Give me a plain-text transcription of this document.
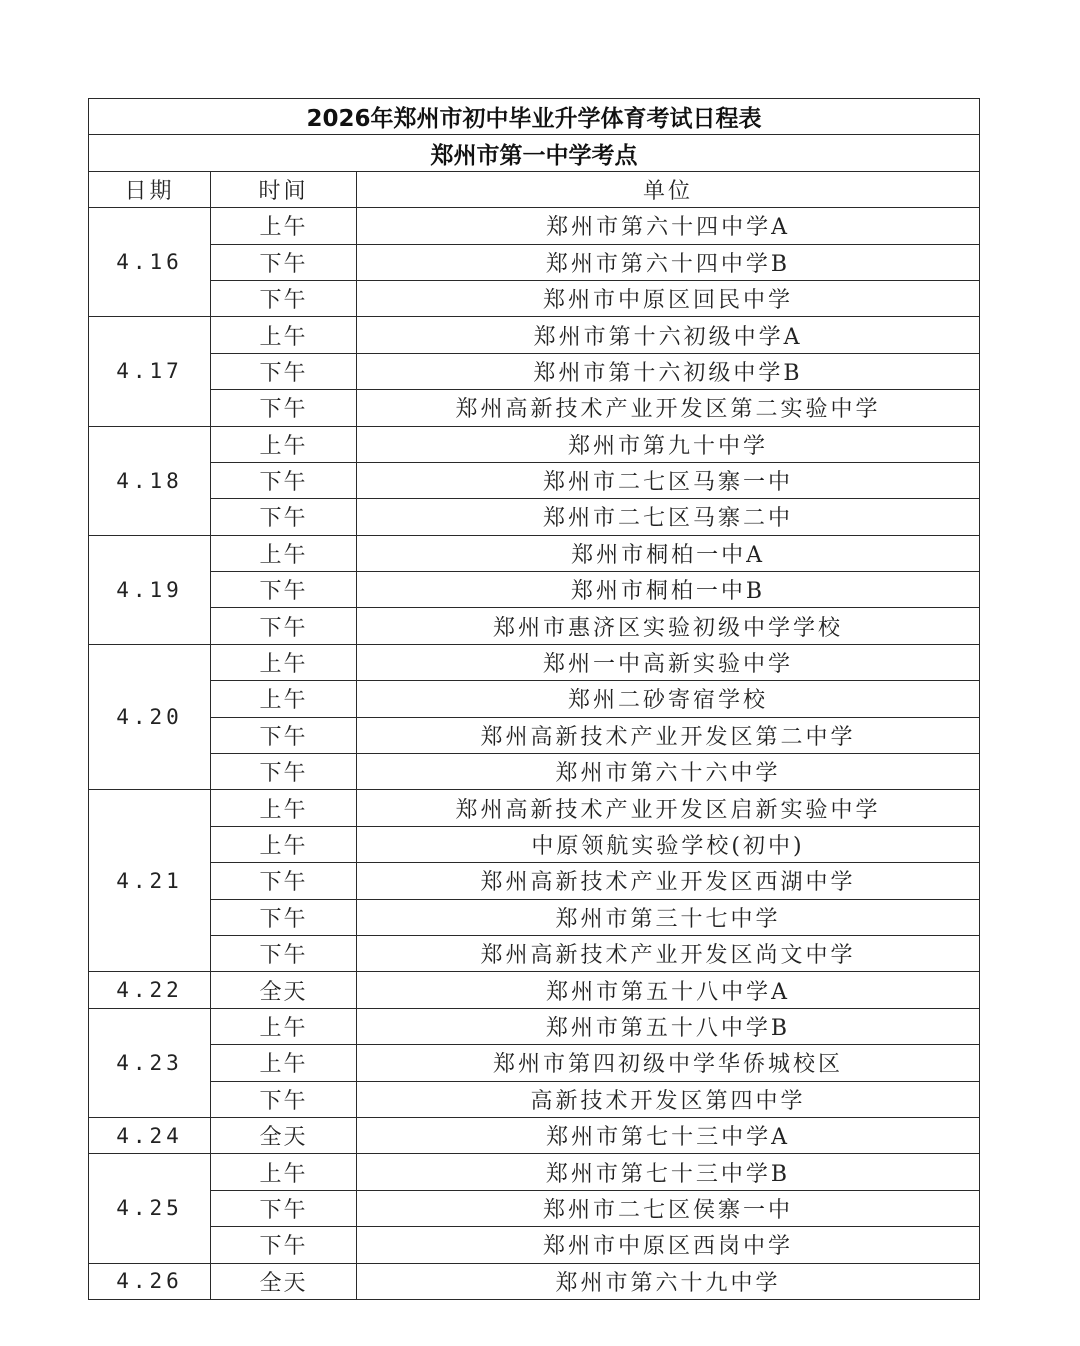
2026年郑州市初中毕业升学体育考试日程表		
郑州市第一中学考点		
日期	时间	单位
4.16	上午	郑州市第六十四中学A
	下午	郑州市第六十四中学B
	下午	郑州市中原区回民中学
4.17	上午	郑州市第十六初级中学A
	下午	郑州市第十六初级中学B
	下午	郑州高新技术产业开发区第二实验中学
4.18	上午	郑州市第九十中学
	下午	郑州市二七区马寨一中
	下午	郑州市二七区马寨二中
4.19	上午	郑州市桐柏一中A
	下午	郑州市桐柏一中B
	下午	郑州市惠济区实验初级中学学校
4.20	上午	郑州一中高新实验中学
	上午	郑州二砂寄宿学校
	下午	郑州高新技术产业开发区第二中学
	下午	郑州市第六十六中学
4.21	上午	郑州高新技术产业开发区启新实验中学
	上午	中原领航实验学校(初中)
	下午	郑州高新技术产业开发区西湖中学
	下午	郑州市第三十七中学
	下午	郑州高新技术产业开发区尚文中学
4.22	全天	郑州市第五十八中学A
4.23	上午	郑州市第五十八中学B
	上午	郑州市第四初级中学华侨城校区
	下午	高新技术开发区第四中学
4.24	全天	郑州市第七十三中学A
4.25	上午	郑州市第七十三中学B
	下午	郑州市二七区侯寨一中
	下午	郑州市中原区西岗中学
4.26	全天	郑州市第六十九中学
